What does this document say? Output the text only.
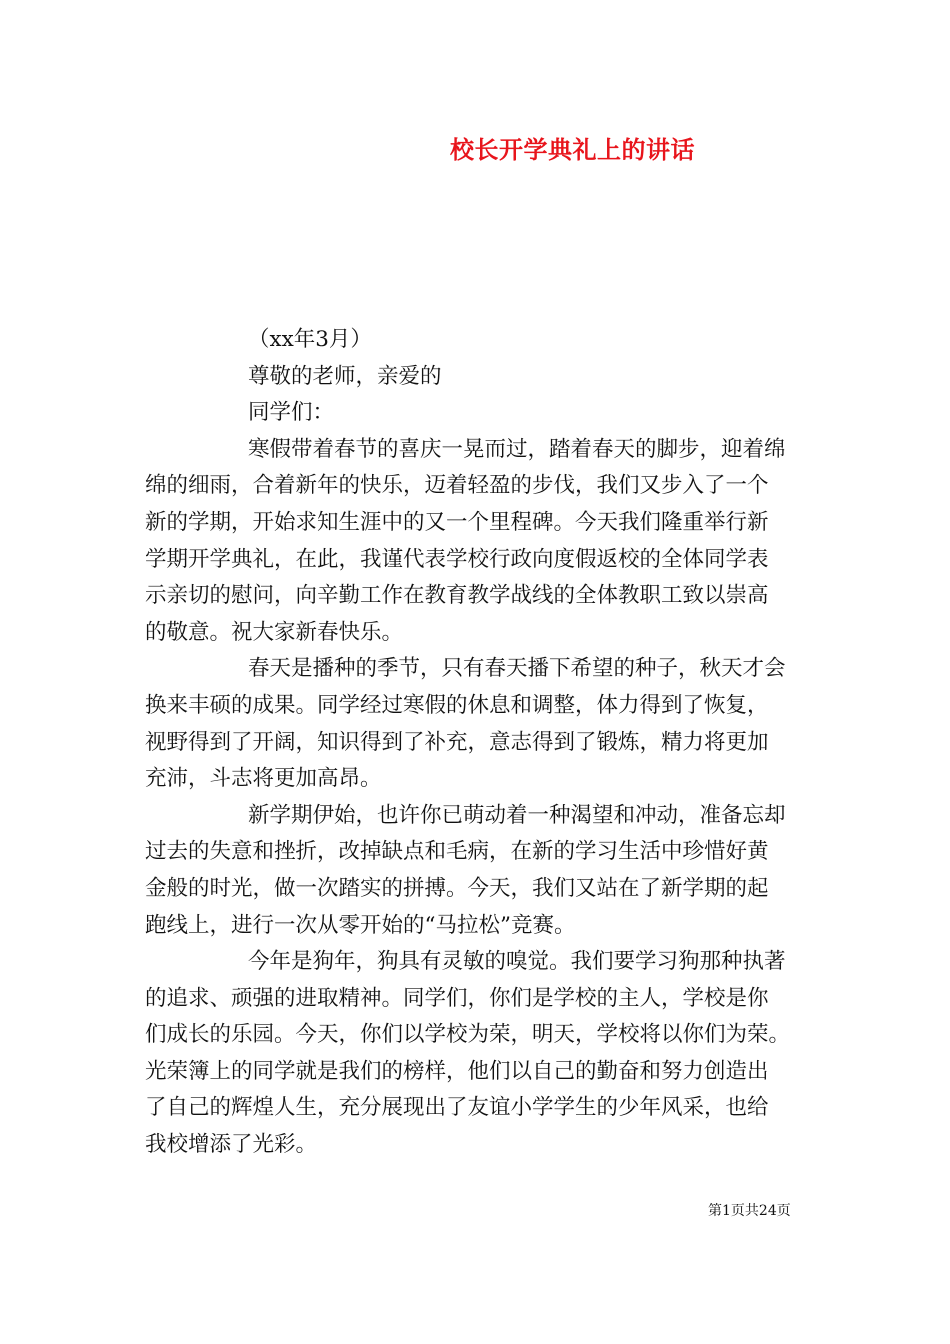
校长开学典礼上的讲话
（xx年3月）
尊敬的老师，亲爱的
同学们：
寒假带着春节的喜庆一晃而过，踏着春天的脚步，迎着绵
绵的细雨，合着新年的快乐，迈着轻盈的步伐，我们又步入了一个
新的学期，开始求知生涯中的又一个里程碑。今天我们隆重举行新
学期开学典礼，在此，我谨代表学校行政向度假返校的全体同学表
示亲切的慰问，向辛勤工作在教育教学战线的全体教职工致以崇高
的敬意。祝大家新春快乐。
春天是播种的季节，只有春天播下希望的种子，秋天才会
换来丰硕的成果。同学经过寒假的休息和调整，体力得到了恢复，
视野得到了开阔，知识得到了补充，意志得到了锻炼，精力将更加
充沛，斗志将更加高昂。
新学期伊始，也许你已萌动着一种渴望和冲动，准备忘却
过去的失意和挫折，改掉缺点和毛病，在新的学习生活中珍惜好黄
金般的时光，做一次踏实的拼搏。今天，我们又站在了新学期的起
跑线上，进行一次从零开始的“马拉松”竞赛。
今年是狗年，狗具有灵敏的嗅觉。我们要学习狗那种执著
的追求、顽强的进取精神。同学们，你们是学校的主人，学校是你
们成长的乐园。今天，你们以学校为荣，明天，学校将以你们为荣。
光荣簿上的同学就是我们的榜样，他们以自己的勤奋和努力创造出
了自己的辉煌人生，充分展现出了友谊小学学生的少年风采，也给
我校增添了光彩。
第1页共24页
